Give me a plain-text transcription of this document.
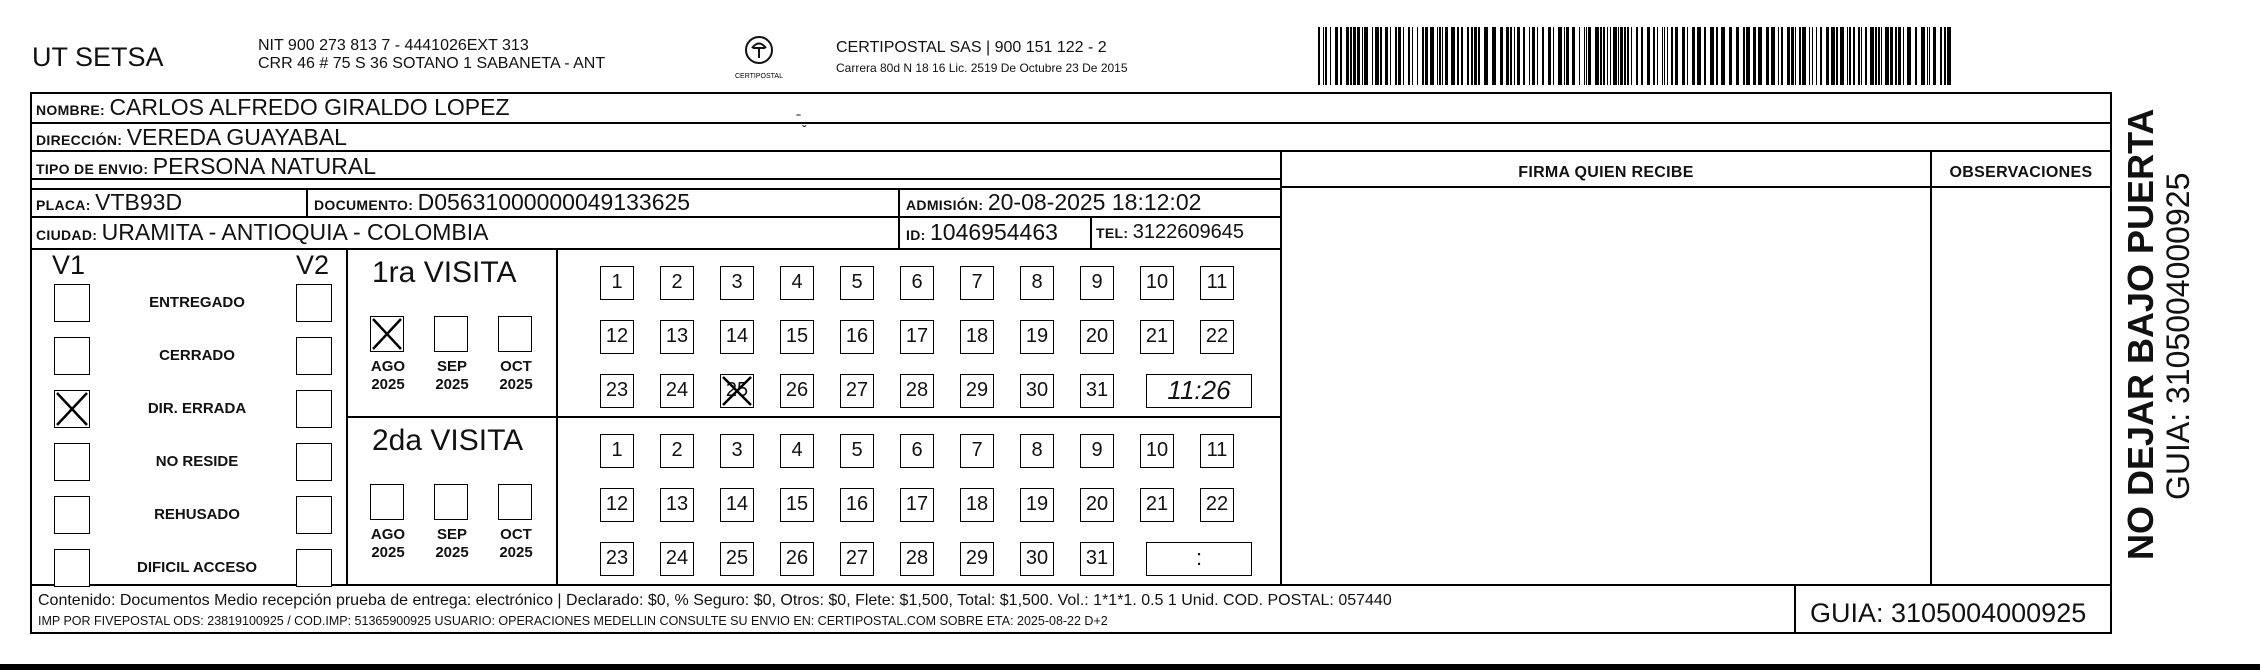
UT SETSA	NIT 900 273 813 7 - 4441026EXT 313
CRR 46 # 75 S 36 SOTANO 1 SABANETA - ANT
CERTIPOSTAL
CERTIPOSTAL SAS | 900 151 122 - 2
Carrera 80d N 18 16 Lic. 2519 De Octubre 23 De 2015
NOMBRE: CARLOS ALFREDO GIRALDO LOPEZ
DIRECCIÓN: VEREDA GUAYABAL
TIPO DE ENVIO: PERSONA NATURAL
PLACA: VTB93D	DOCUMENTO: D056310000000491336​25	ADMISIÓN: 20-08-2025 18:12:02
CIUDAD: URAMITA - ANTIOQUIA - COLOMBIA	ID: 1046954463	TEL: 3122609645
FIRMA QUIEN RECIBE	OBSERVACIONES
V1	V2
ENTREGADO
CERRADO
DIR. ERRADA
NO RESIDE
REHUSADO
DIFICIL ACCESO
1ra VISITA
AGO
2025
SEP
2025
OCT
2025
1	2	3	4	5	6	7	8	9	10	11
12 13 14 15 16 17 18 19 20 21 22
23 24 25 26 27 28 29 30 31	11:26
2da VISITA
AGO
2025
SEP
2025
OCT
2025
1	2	3	4	5	6	7	8	9	10	11
12 13 14 15 16 17 18 19 20 21 22
23 24 25 26 27 28 29 30 31	:
ˉ
ˇ
Contenido: Documentos Medio recepción prueba de entrega: electrónico | Declarado: $0, % Seguro: $0, Otros: $0, Flete: $1,500, Total: $1,500. Vol.: 1*1*1. 0.5 1 Unid. COD. POSTAL: 057440
IMP POR FIVEPOSTAL ODS: 23819100925 / COD.IMP: 51365900925 USUARIO: OPERACIONES MEDELLIN CONSULTE SU ENVIO EN: CERTIPOSTAL.COM SOBRE ETA: 2025-08-22 D+2	GUIA: 3105004000925
NO DEJAR BAJO PUERTA GUIA: 3105004000925
